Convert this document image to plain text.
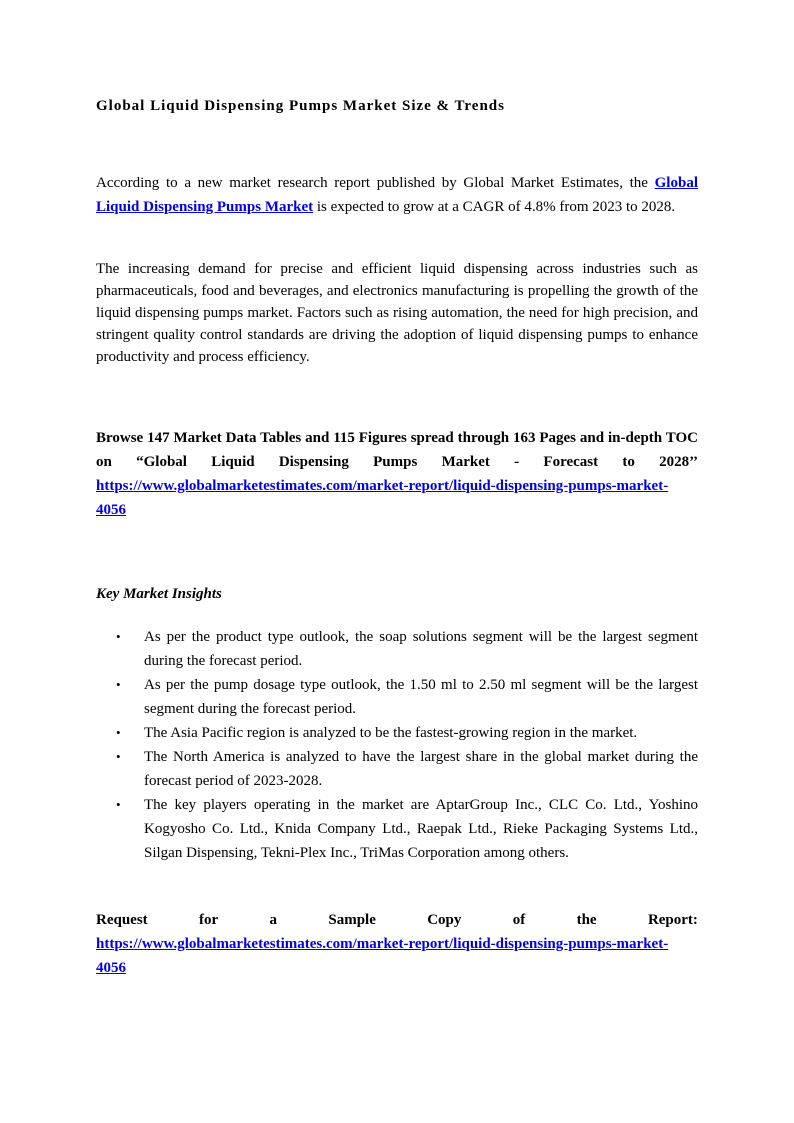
Global Liquid Dispensing Pumps Market Size & Trends

According to a new market research report published by Global Market Estimates, the Global Liquid Dispensing Pumps Market is expected to grow at a CAGR of 4.8% from 2023 to 2028.

The increasing demand for precise and efficient liquid dispensing across industries such as pharmaceuticals, food and beverages, and electronics manufacturing is propelling the growth of the liquid dispensing pumps market. Factors such as rising automation, the need for high precision, and stringent quality control standards are driving the adoption of liquid dispensing pumps to enhance productivity and process efficiency.

Browse 147 Market Data Tables and 115 Figures spread through 163 Pages and in-depth TOC on “Global Liquid Dispensing Pumps Market - Forecast to 2028’’ https://www.globalmarketestimates.com/market-report/liquid-dispensing-pumps-market-4056

Key Market Insights
• As per the product type outlook, the soap solutions segment will be the largest segment during the forecast period.
• As per the pump dosage type outlook, the 1.50 ml to 2.50 ml segment will be the largest segment during the forecast period.
• The Asia Pacific region is analyzed to be the fastest-growing region in the market.
• The North America is analyzed to have the largest share in the global market during the forecast period of 2023-2028.
• The key players operating in the market are AptarGroup Inc., CLC Co. Ltd., Yoshino Kogyosho Co. Ltd., Knida Company Ltd., Raepak Ltd., Rieke Packaging Systems Ltd., Silgan Dispensing, Tekni-Plex Inc., TriMas Corporation among others.
Request	for	a	Sample	Copy	of	the	Report:
https://www.globalmarketestimates.com/market-report/liquid-dispensing-pumps-market-4056
